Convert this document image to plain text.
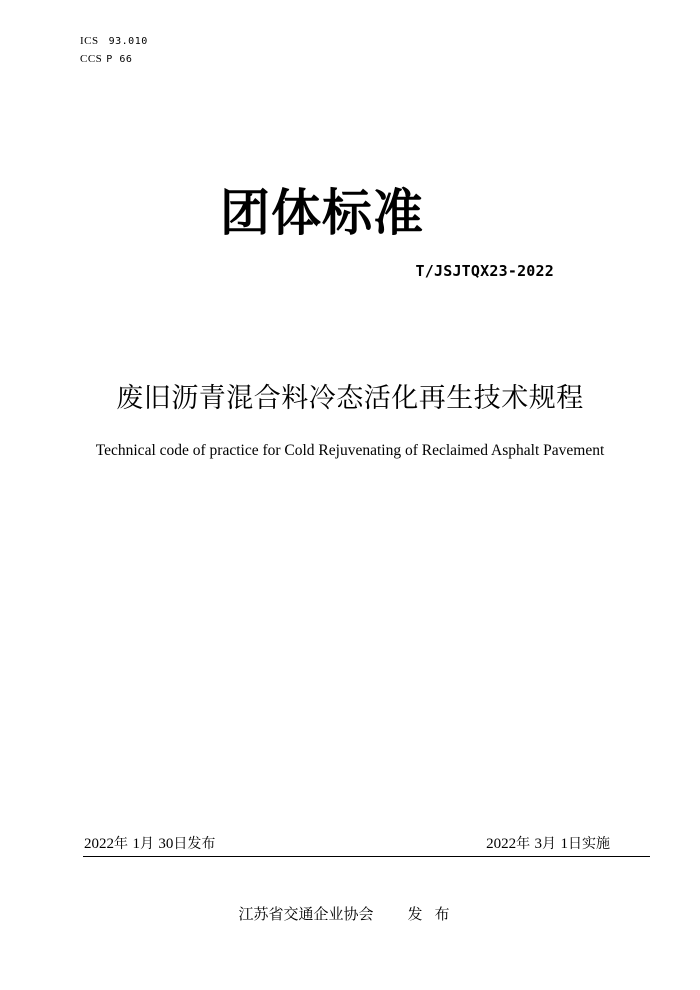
ICS 93.010
CCS P 66
团体标准
T/JSJTQX23-2022
废旧沥青混合料冷态活化再生技术规程
Technical code of practice for Cold Rejuvenating of Reclaimed Asphalt Pavement
2022年 1月 30日发布	2022年 3月 1日实施
江苏省交通企业协会 发布
